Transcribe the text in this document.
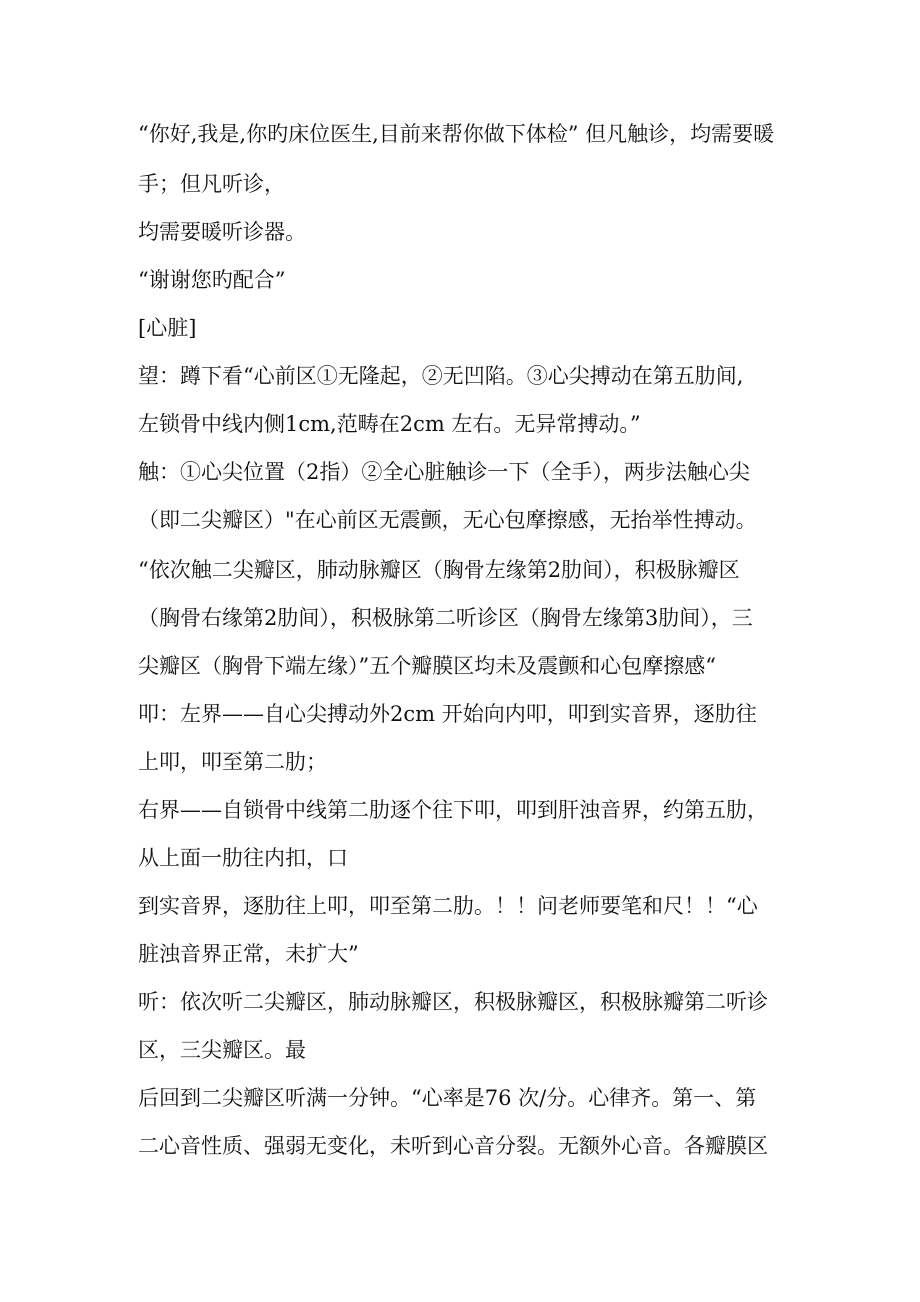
“你好,我是,你旳床位医生,目前来帮你做下体检” 但凡触诊，均需要暖
手；但凡听诊，
均需要暖听诊器。
“谢谢您旳配合”
[心脏]
望：蹲下看“心前区①无隆起，②无凹陷。③心尖搏动在第五肋间,
左锁骨中线内侧1cm,范畴在2cm 左右。无异常搏动。”
触：①心尖位置（2指）②全心脏触诊一下（全手），两步法触心尖
（即二尖瓣区）"在心前区无震颤，无心包摩擦感，无抬举性搏动。
“依次触二尖瓣区，肺动脉瓣区（胸骨左缘第2肋间），积极脉瓣区
（胸骨右缘第2肋间），积极脉第二听诊区（胸骨左缘第3肋间），三
尖瓣区（胸骨下端左缘）”五个瓣膜区均未及震颤和心包摩擦感“
叩：左界——自心尖搏动外2cm 开始向内叩，叩到实音界，逐肋往
上叩，叩至第二肋；
右界——自锁骨中线第二肋逐个往下叩，叩到肝浊音界，约第五肋，
从上面一肋往内扣，口
到实音界，逐肋往上叩，叩至第二肋。！！问老师要笔和尺！！“心
脏浊音界正常，未扩大”
听：依次听二尖瓣区，肺动脉瓣区，积极脉瓣区，积极脉瓣第二听诊
区，三尖瓣区。最
后回到二尖瓣区听满一分钟。“心率是76 次/分。心律齐。第一、第
二心音性质、强弱无变化，未听到心音分裂。无额外心音。各瓣膜区
